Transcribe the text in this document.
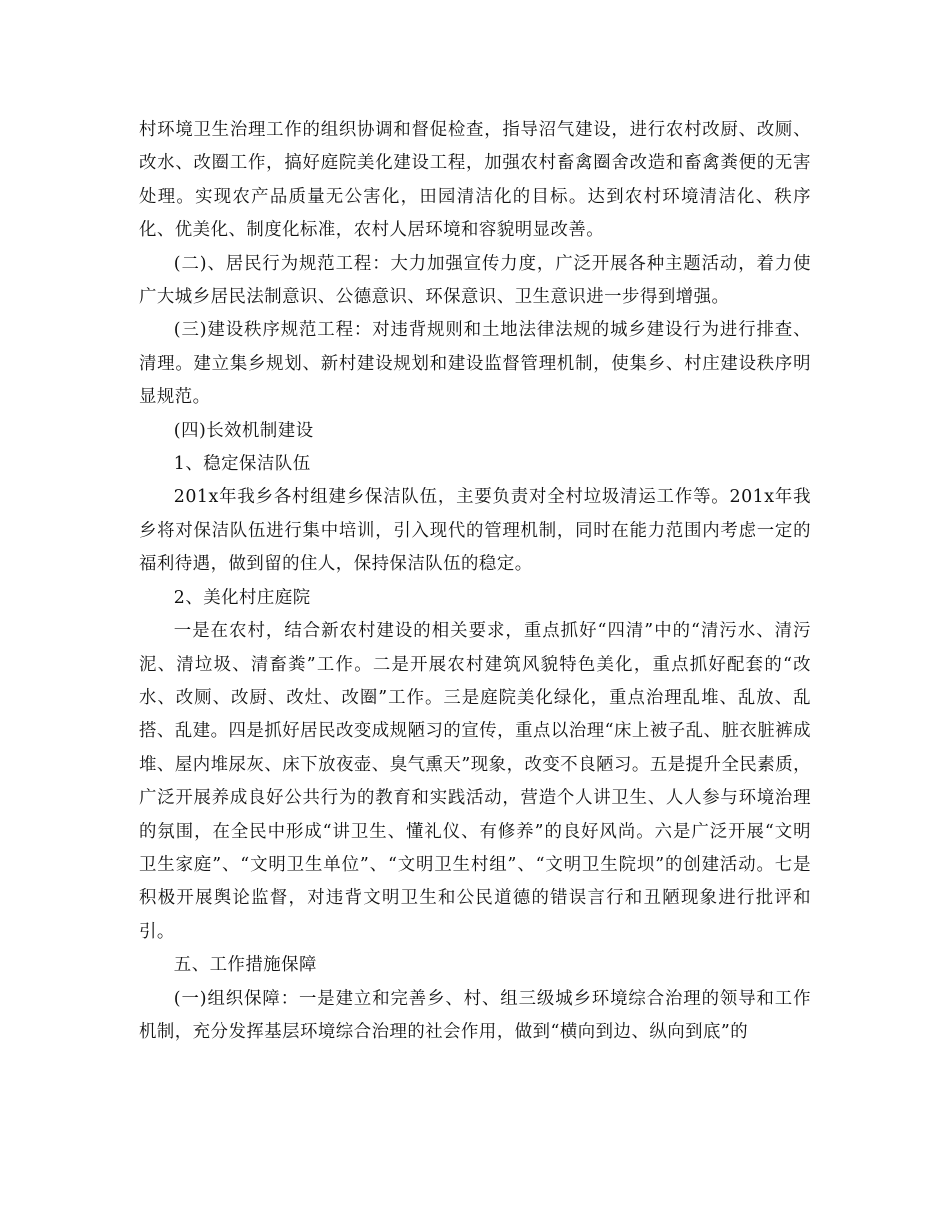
村环境卫生治理工作的组织协调和督促检查，指导沼气建设，进行农村改厨、改厕、改水、改圈工作，搞好庭院美化建设工程，加强农村畜禽圈舍改造和畜禽粪便的无害处理。实现农产品质量无公害化，田园清洁化的目标。达到农村环境清洁化、秩序化、优美化、制度化标准，农村人居环境和容貌明显改善。

(二)、居民行为规范工程：大力加强宣传力度，广泛开展各种主题活动，着力使广大城乡居民法制意识、公德意识、环保意识、卫生意识进一步得到增强。

(三)建设秩序规范工程：对违背规则和土地法律法规的城乡建设行为进行排查、清理。建立集乡规划、新村建设规划和建设监督管理机制，使集乡、村庄建设秩序明显规范。

(四)长效机制建设

1、稳定保洁队伍

201x年我乡各村组建乡保洁队伍，主要负责对全村垃圾清运工作等。201x年我乡将对保洁队伍进行集中培训，引入现代的管理机制，同时在能力范围内考虑一定的福利待遇，做到留的住人，保持保洁队伍的稳定。

2、美化村庄庭院

一是在农村，结合新农村建设的相关要求，重点抓好“四清”中的“清污水、清污泥、清垃圾、清畜粪”工作。二是开展农村建筑风貌特色美化，重点抓好配套的“改水、改厕、改厨、改灶、改圈”工作。三是庭院美化绿化，重点治理乱堆、乱放、乱搭、乱建。四是抓好居民改变成规陋习的宣传，重点以治理“床上被子乱、脏衣脏裤成堆、屋内堆尿灰、床下放夜壶、臭气熏天”现象，改变不良陋习。五是提升全民素质，广泛开展养成良好公共行为的教育和实践活动，营造个人讲卫生、人人参与环境治理的氛围，在全民中形成“讲卫生、懂礼仪、有修养”的良好风尚。六是广泛开展“文明卫生家庭”、“文明卫生单位”、“文明卫生村组”、“文明卫生院坝”的创建活动。七是积极开展舆论监督，对违背文明卫生和公民道德的错误言行和丑陋现象进行批评和引。

五、工作措施保障

(一)组织保障：一是建立和完善乡、村、组三级城乡环境综合治理的领导和工作机制，充分发挥基层环境综合治理的社会作用，做到“横向到边、纵向到底”的
